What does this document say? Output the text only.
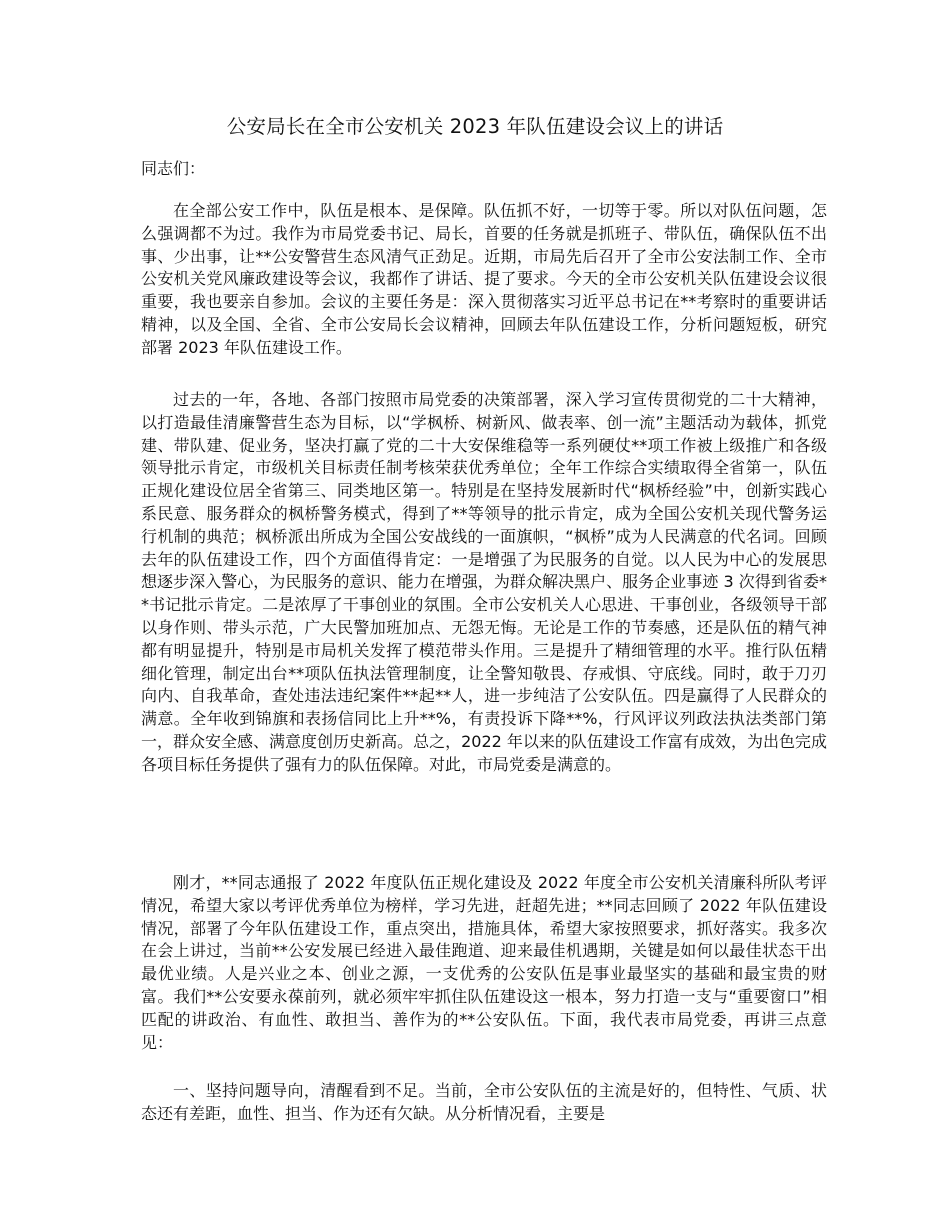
公安局长在全市公安机关 2023 年队伍建设会议上的讲话

同志们：

在全部公安工作中，队伍是根本、是保障。队伍抓不好，一切等于零。所以对队伍问题，怎么强调都不为过。我作为市局党委书记、局长，首要的任务就是抓班子、带队伍，确保队伍不出事、少出事，让**公安警营生态风清气正劲足。近期，市局先后召开了全市公安法制工作、全市公安机关党风廉政建设等会议，我都作了讲话、提了要求。今天的全市公安机关队伍建设会议很重要，我也要亲自参加。会议的主要任务是：深入贯彻落实习近平总书记在**考察时的重要讲话精神，以及全国、全省、全市公安局长会议精神，回顾去年队伍建设工作，分析问题短板，研究部署 2023 年队伍建设工作。

过去的一年，各地、各部门按照市局党委的决策部署，深入学习宣传贯彻党的二十大精神，以打造最佳清廉警营生态为目标，以“学枫桥、树新风、做表率、创一流”主题活动为载体，抓党建、带队建、促业务，坚决打赢了党的二十大安保维稳等一系列硬仗**项工作被上级推广和各级领导批示肯定，市级机关目标责任制考核荣获优秀单位；全年工作综合实绩取得全省第一，队伍正规化建设位居全省第三、同类地区第一。特别是在坚持发展新时代“枫桥经验”中，创新实践心系民意、服务群众的枫桥警务模式，得到了**等领导的批示肯定，成为全国公安机关现代警务运行机制的典范；枫桥派出所成为全国公安战线的一面旗帜，“枫桥”成为人民满意的代名词。回顾去年的队伍建设工作，四个方面值得肯定：一是增强了为民服务的自觉。以人民为中心的发展思想逐步深入警心，为民服务的意识、能力在增强，为群众解决黑户、服务企业事迹 3 次得到省委**书记批示肯定。二是浓厚了干事创业的氛围。全市公安机关人心思进、干事创业，各级领导干部以身作则、带头示范，广大民警加班加点、无怨无悔。无论是工作的节奏感，还是队伍的精气神都有明显提升，特别是市局机关发挥了模范带头作用。三是提升了精细管理的水平。推行队伍精细化管理，制定出台**项队伍执法管理制度，让全警知敬畏、存戒惧、守底线。同时，敢于刀刃向内、自我革命，查处违法违纪案件**起**人，进一步纯洁了公安队伍。四是赢得了人民群众的满意。全年收到锦旗和表扬信同比上升**%，有责投诉下降**%，行风评议列政法执法类部门第一，群众安全感、满意度创历史新高。总之，2022 年以来的队伍建设工作富有成效，为出色完成各项目标任务提供了强有力的队伍保障。对此，市局党委是满意的。

刚才，**同志通报了 2022 年度队伍正规化建设及 2022 年度全市公安机关清廉科所队考评情况，希望大家以考评优秀单位为榜样，学习先进，赶超先进；**同志回顾了 2022 年队伍建设情况，部署了今年队伍建设工作，重点突出，措施具体，希望大家按照要求，抓好落实。我多次在会上讲过，当前**公安发展已经进入最佳跑道、迎来最佳机遇期，关键是如何以最佳状态干出最优业绩。人是兴业之本、创业之源，一支优秀的公安队伍是事业最坚实的基础和最宝贵的财富。我们**公安要永葆前列，就必须牢牢抓住队伍建设这一根本，努力打造一支与“重要窗口”相匹配的讲政治、有血性、敢担当、善作为的**公安队伍。下面，我代表市局党委，再讲三点意见：

一、坚持问题导向，清醒看到不足。当前，全市公安队伍的主流是好的，但特性、气质、状态还有差距，血性、担当、作为还有欠缺。从分析情况看，主要是
